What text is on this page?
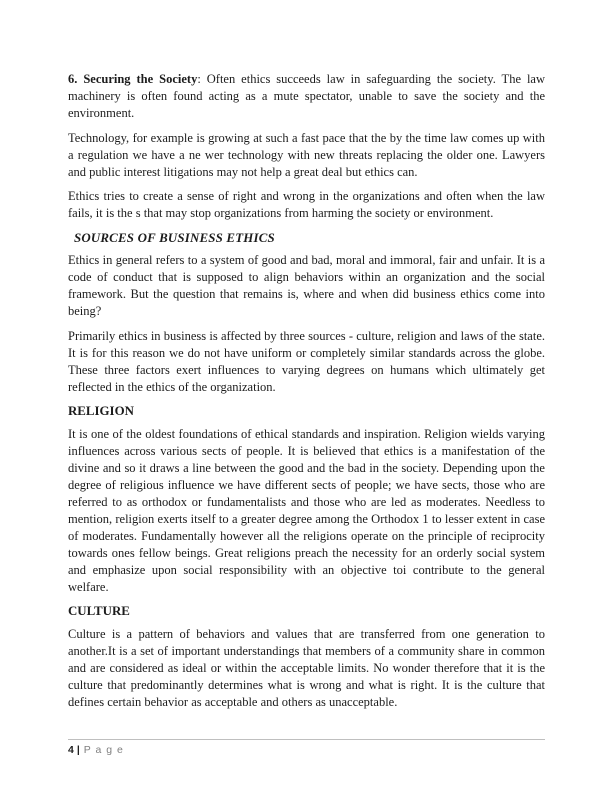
6. Securing the Society: Often ethics succeeds law in safeguarding the society. The law machinery is often found acting as a mute spectator, unable to save the society and the environment.

Technology, for example is growing at such a fast pace that the by the time law comes up with a regulation we have a ne wer technology with new threats replacing the older one. Lawyers and public interest litigations may not help a great deal but ethics can.

Ethics tries to create a sense of right and wrong in the organizations and often when the law fails, it is the s that may stop organizations from harming the society or environment.

SOURCES OF BUSINESS ETHICS

Ethics in general refers to a system of good and bad, moral and immoral, fair and unfair. It is a code of conduct that is supposed to align behaviors within an organization and the social framework. But the question that remains is, where and when did business ethics come into being?

Primarily ethics in business is affected by three sources - culture, religion and laws of the state. It is for this reason we do not have uniform or completely similar standards across the globe. These three factors exert influences to varying degrees on humans which ultimately get reflected in the ethics of the organization.

RELIGION

It is one of the oldest foundations of ethical standards and inspiration. Religion wields varying influences across various sects of people. It is believed that ethics is a manifestation of the divine and so it draws a line between the good and the bad in the society. Depending upon the degree of religious influence we have different sects of people; we have sects, those who are referred to as orthodox or fundamentalists and those who are led as moderates. Needless to mention, religion exerts itself to a greater degree among the Orthodox 1 to lesser extent in case of moderates. Fundamentally however all the religions operate on the principle of reciprocity towards ones fellow beings. Great religions preach the necessity for an orderly social system and emphasize upon social responsibility with an objective toi contribute to the general welfare.

CULTURE

Culture is a pattern of behaviors and values that are transferred from one generation to another.It is a set of important understandings that members of a community share in common and are considered as ideal or within the acceptable limits. No wonder therefore that it is the culture that predominantly determines what is wrong and what is right. It is the culture that defines certain behavior as acceptable and others as unacceptable.

4 | P a g e
